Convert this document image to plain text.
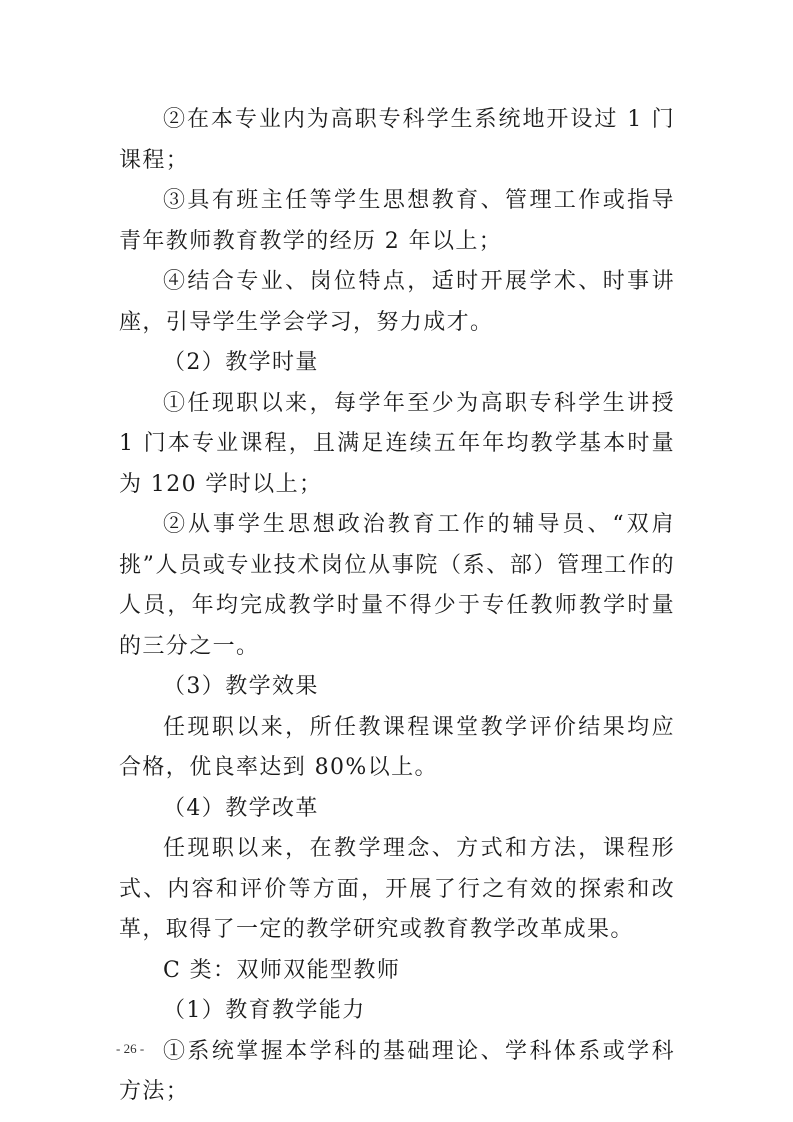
②在本专业内为高职专科学生系统地开设过 1 门课程；

③具有班主任等学生思想教育、管理工作或指导青年教师教育教学的经历 2 年以上；

④结合专业、岗位特点，适时开展学术、时事讲座，引导学生学会学习，努力成才。

（2）教学时量

①任现职以来，每学年至少为高职专科学生讲授 1 门本专业课程，且满足连续五年年均教学基本时量为 120 学时以上；

②从事学生思想政治教育工作的辅导员、“双肩挑”人员或专业技术岗位从事院（系、部）管理工作的人员，年均完成教学时量不得少于专任教师教学时量的三分之一。

（3）教学效果

任现职以来，所任教课程课堂教学评价结果均应合格，优良率达到 80%以上。

（4）教学改革

任现职以来，在教学理念、方式和方法，课程形式、内容和评价等方面，开展了行之有效的探索和改革，取得了一定的教学研究或教育教学改革成果。

C 类：双师双能型教师

（1）教育教学能力

①系统掌握本学科的基础理论、学科体系或学科方法；

- 26 -
